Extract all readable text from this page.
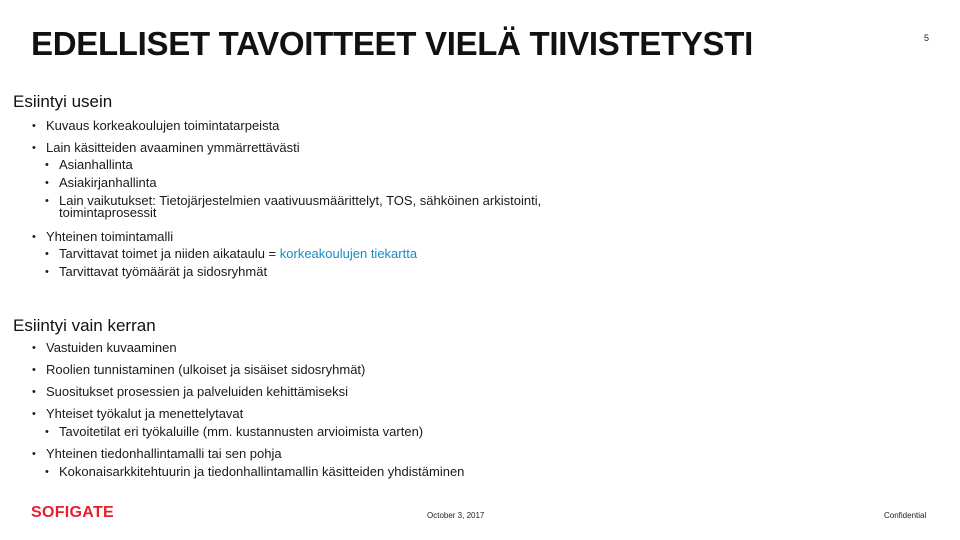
EDELLISET TAVOITTEET VIELÄ TIIVISTETYSTI	5
Esiintyi usein
• Kuvaus korkeakoulujen toimintatarpeista
• Lain käsitteiden avaaminen ymmärrettävästi
• Asianhallinta
• Asiakirjanhallinta
• Lain vaikutukset: Tietojärjestelmien vaativuusmäärittelyt, TOS, sähköinen arkistointi,
toimintaprosessit
• Yhteinen toimintamalli
• Tarvittavat toimet ja niiden aikataulu = korkeakoulujen tiekartta
• Tarvittavat työmäärät ja sidosryhmät
Esiintyi vain kerran
• Vastuiden kuvaaminen
• Roolien tunnistaminen (ulkoiset ja sisäiset sidosryhmät)
• Suositukset prosessien ja palveluiden kehittämiseksi
• Yhteiset työkalut ja menettelytavat
• Tavoitetilat eri työkaluille (mm. kustannusten arvioimista varten)
• Yhteinen tiedonhallintamalli tai sen pohja
• Kokonaisarkkitehtuurin ja tiedonhallintamallin käsitteiden yhdistäminen
SOFIGATE	October 3, 2017	Confidential
